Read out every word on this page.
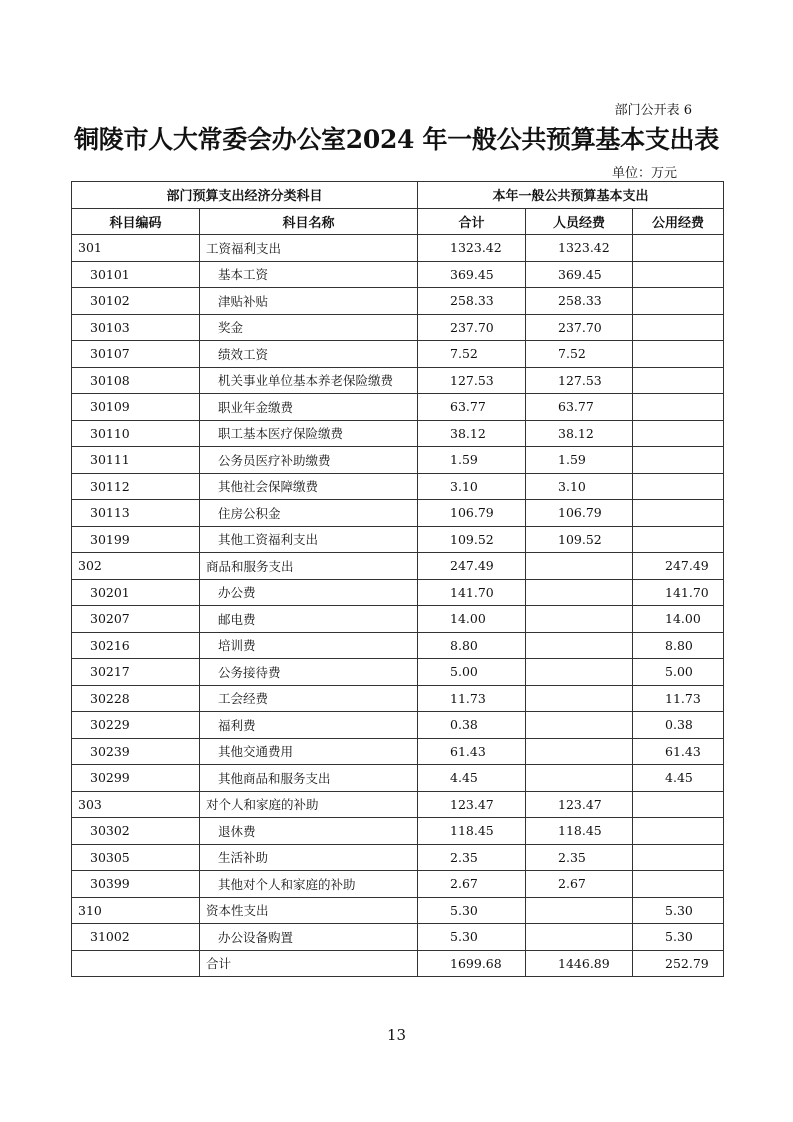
部门公开表 6
铜陵市人大常委会办公室2024 年一般公共预算基本支出表
单位：万元
部门预算支出经济分类科目		本年一般公共预算基本支出		
科目编码	科目名称	合计	人员经费	公用经费
301	工资福利支出	1323.42	1323.42	
30101	基本工资	369.45	369.45	
30102	津贴补贴	258.33	258.33	
30103	奖金	237.70	237.70	
30107	绩效工资	7.52	7.52	
30108	机关事业单位基本养老保险缴费	127.53	127.53	
30109	职业年金缴费	63.77	63.77	
30110	职工基本医疗保险缴费	38.12	38.12	
30111	公务员医疗补助缴费	1.59	1.59	
30112	其他社会保障缴费	3.10	3.10	
30113	住房公积金	106.79	106.79	
30199	其他工资福利支出	109.52	109.52	
302	商品和服务支出	247.49		247.49
30201	办公费	141.70		141.70
30207	邮电费	14.00		14.00
30216	培训费	8.80		8.80
30217	公务接待费	5.00		5.00
30228	工会经费	11.73		11.73
30229	福利费	0.38		0.38
30239	其他交通费用	61.43		61.43
30299	其他商品和服务支出	4.45		4.45
303	对个人和家庭的补助	123.47	123.47	
30302	退休费	118.45	118.45	
30305	生活补助	2.35	2.35	
30399	其他对个人和家庭的补助	2.67	2.67	
310	资本性支出	5.30		5.30
31002	办公设备购置	5.30		5.30
	合计	1699.68	1446.89	252.79
13
